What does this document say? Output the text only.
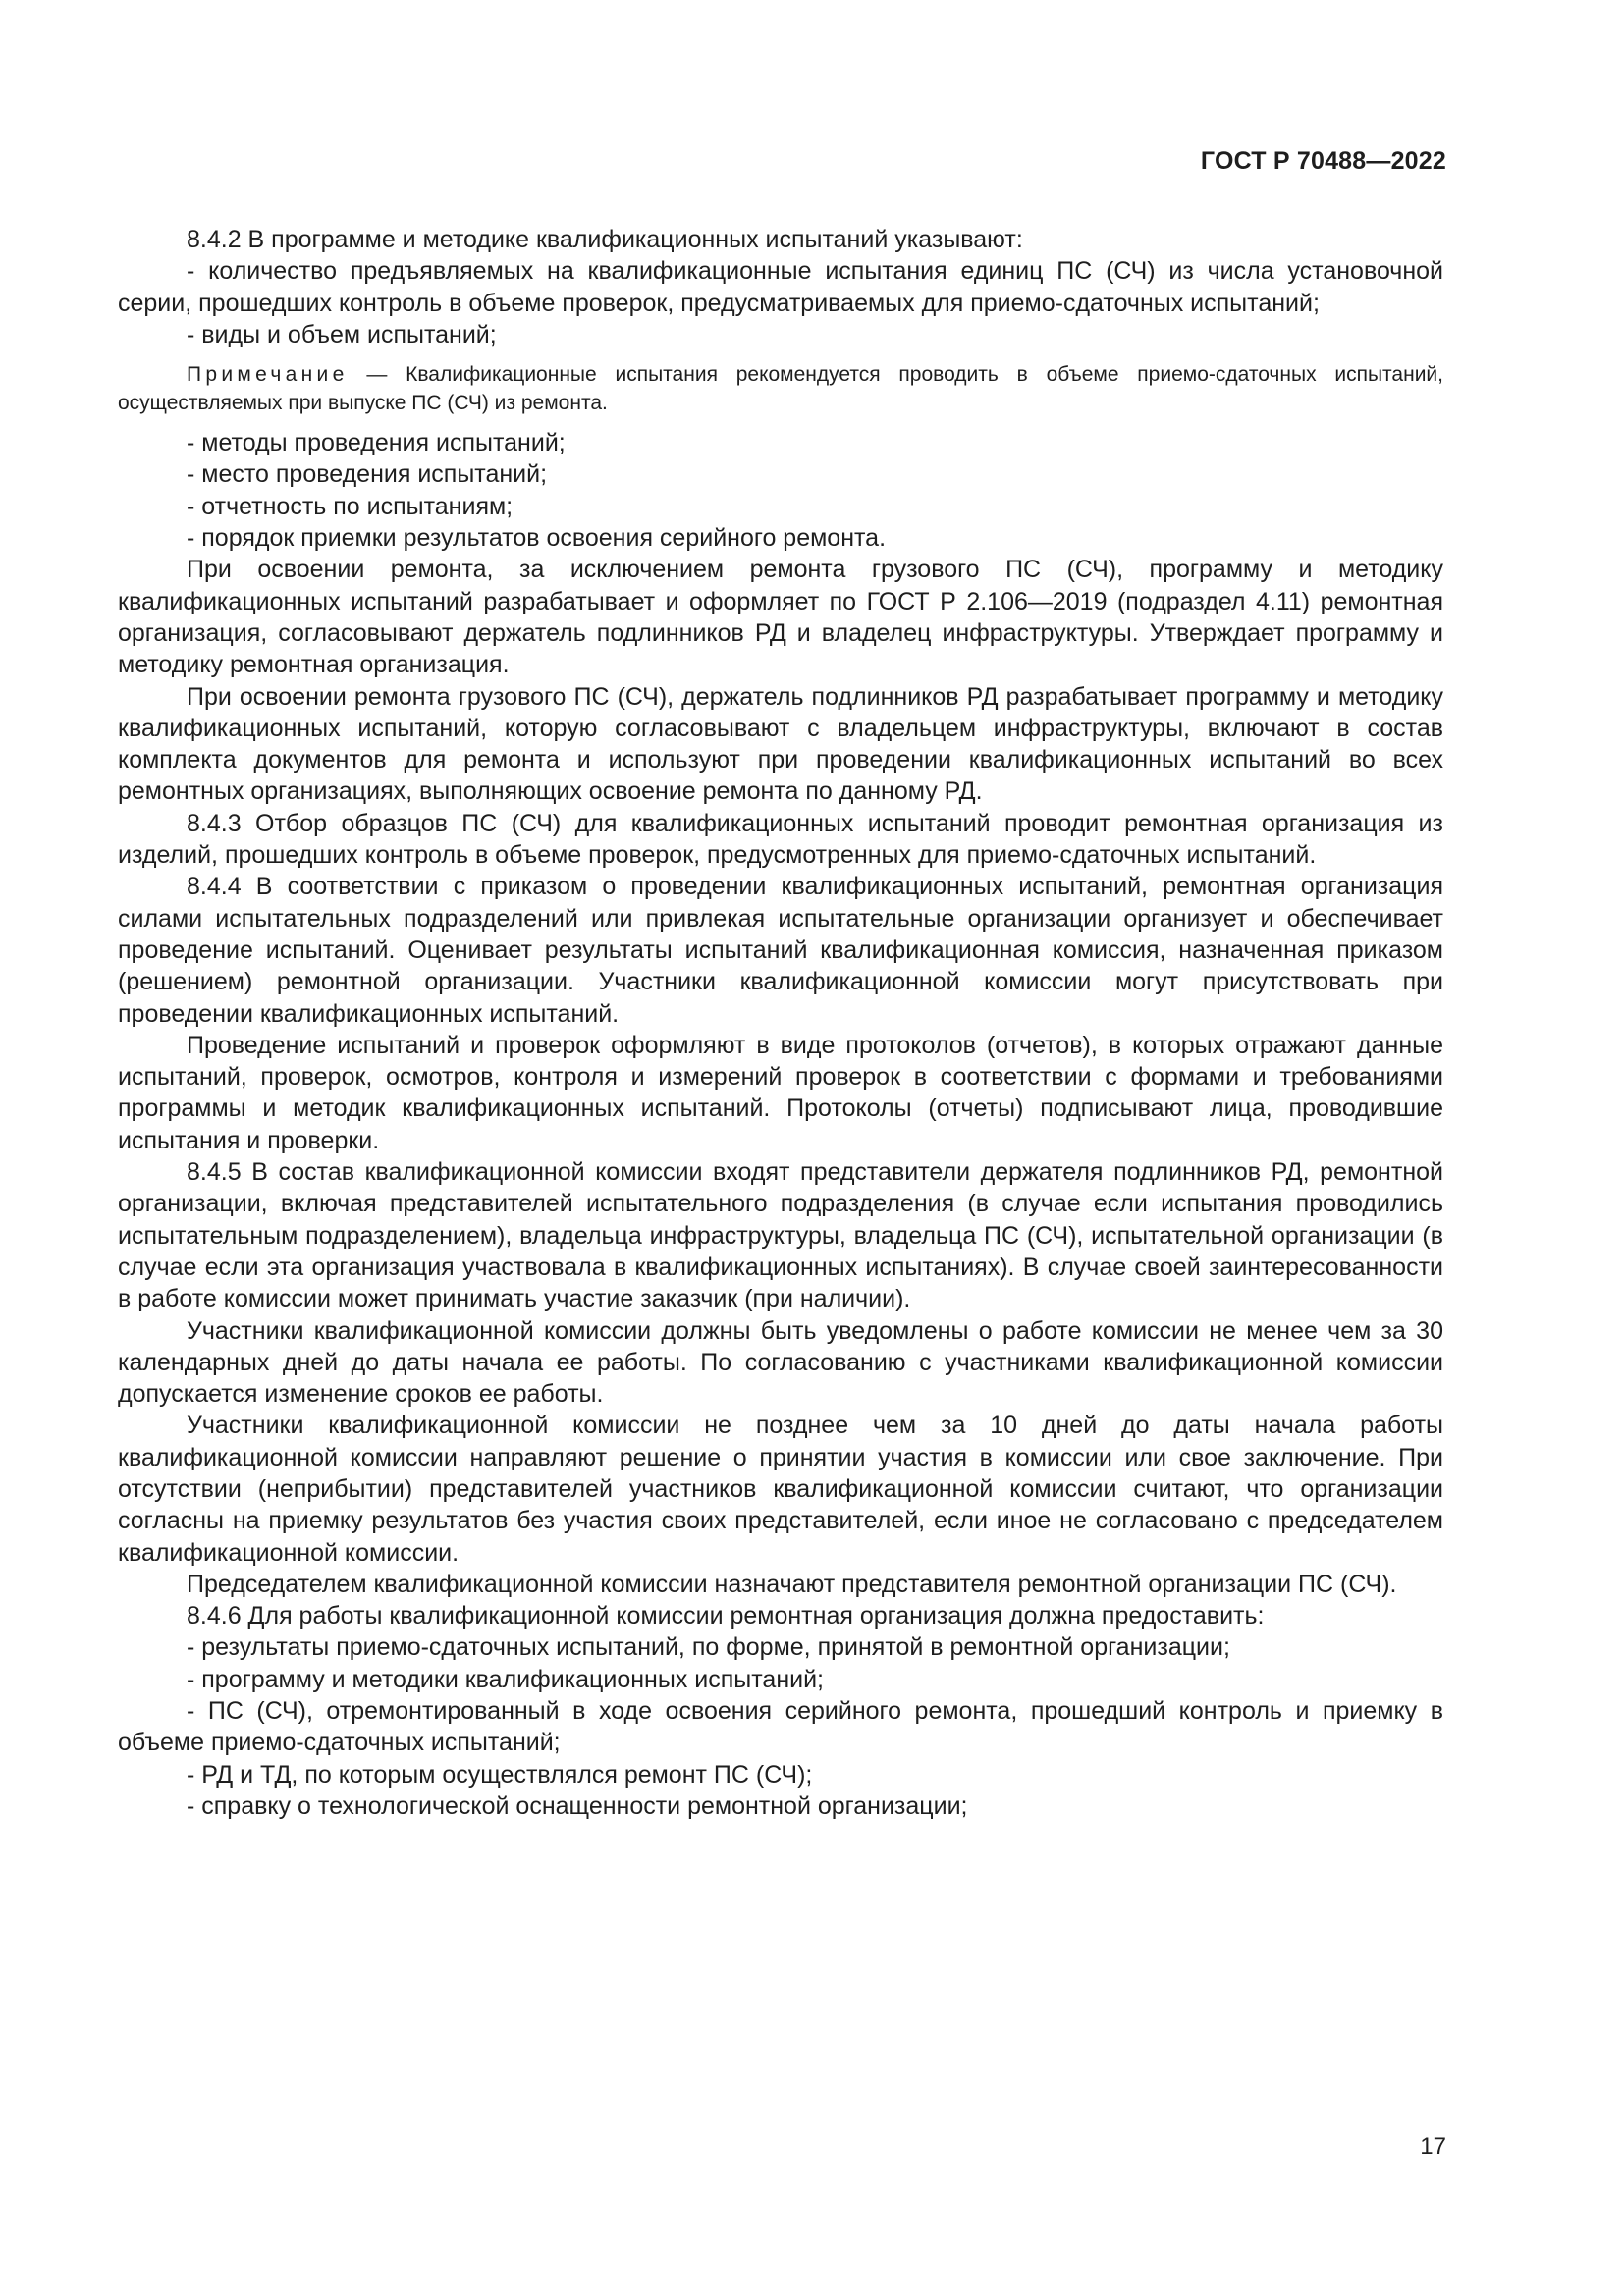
ГОСТ Р 70488—2022

8.4.2 В программе и методике квалификационных испытаний указывают:

- количество предъявляемых на квалификационные испытания единиц ПС (СЧ) из числа установочной серии, прошедших контроль в объеме проверок, предусматриваемых для приемо-сдаточных испытаний;

- виды и объем испытаний;

Примечание — Квалификационные испытания рекомендуется проводить в объеме приемо-сдаточных испытаний, осуществляемых при выпуске ПС (СЧ) из ремонта.

- методы проведения испытаний;

- место проведения испытаний;

- отчетность по испытаниям;

- порядок приемки результатов освоения серийного ремонта.

При освоении ремонта, за исключением ремонта грузового ПС (СЧ), программу и методику квалификационных испытаний разрабатывает и оформляет по ГОСТ Р 2.106—2019 (подраздел 4.11) ремонтная организация, согласовывают держатель подлинников РД и владелец инфраструктуры. Утверждает программу и методику ремонтная организация.

При освоении ремонта грузового ПС (СЧ), держатель подлинников РД разрабатывает программу и методику квалификационных испытаний, которую согласовывают с владельцем инфраструктуры, включают в состав комплекта документов для ремонта и используют при проведении квалификационных испытаний во всех ремонтных организациях, выполняющих освоение ремонта по данному РД.

8.4.3 Отбор образцов ПС (СЧ) для квалификационных испытаний проводит ремонтная организация из изделий, прошедших контроль в объеме проверок, предусмотренных для приемо-сдаточных испытаний.

8.4.4 В соответствии с приказом о проведении квалификационных испытаний, ремонтная организация силами испытательных подразделений или привлекая испытательные организации организует и обеспечивает проведение испытаний. Оценивает результаты испытаний квалификационная комиссия, назначенная приказом (решением) ремонтной организации. Участники квалификационной комиссии могут присутствовать при проведении квалификационных испытаний.

Проведение испытаний и проверок оформляют в виде протоколов (отчетов), в которых отражают данные испытаний, проверок, осмотров, контроля и измерений проверок в соответствии с формами и требованиями программы и методик квалификационных испытаний. Протоколы (отчеты) подписывают лица, проводившие испытания и проверки.

8.4.5 В состав квалификационной комиссии входят представители держателя подлинников РД, ремонтной организации, включая представителей испытательного подразделения (в случае если испытания проводились испытательным подразделением), владельца инфраструктуры, владельца ПС (СЧ), испытательной организации (в случае если эта организация участвовала в квалификационных испытаниях). В случае своей заинтересованности в работе комиссии может принимать участие заказчик (при наличии).

Участники квалификационной комиссии должны быть уведомлены о работе комиссии не менее чем за 30 календарных дней до даты начала ее работы. По согласованию с участниками квалификационной комиссии допускается изменение сроков ее работы.

Участники квалификационной комиссии не позднее чем за 10 дней до даты начала работы квалификационной комиссии направляют решение о принятии участия в комиссии или свое заключение. При отсутствии (неприбытии) представителей участников квалификационной комиссии считают, что организации согласны на приемку результатов без участия своих представителей, если иное не согласовано с председателем квалификационной комиссии.

Председателем квалификационной комиссии назначают представителя ремонтной организации ПС (СЧ).

8.4.6 Для работы квалификационной комиссии ремонтная организация должна предоставить:

- результаты приемо-сдаточных испытаний, по форме, принятой в ремонтной организации;

- программу и методики квалификационных испытаний;

- ПС (СЧ), отремонтированный в ходе освоения серийного ремонта, прошедший контроль и приемку в объеме приемо-сдаточных испытаний;

- РД и ТД, по которым осуществлялся ремонт ПС (СЧ);

- справку о технологической оснащенности ремонтной организации;

17
